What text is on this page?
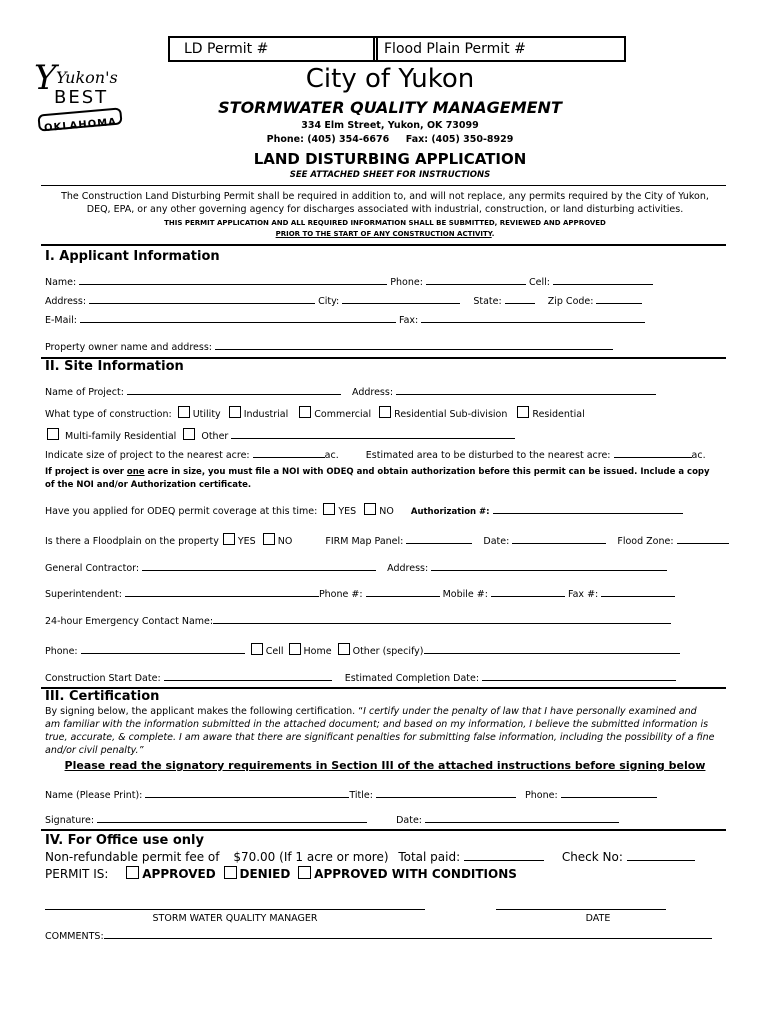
LD Permit #	Flood Plain Permit #
Y Yukon's
BEST
OKLAHOMA
City of Yukon
STORMWATER QUALITY MANAGEMENT
334 Elm Street, Yukon, OK 73099
Phone: (405) 354-6676     Fax: (405) 350-8929
LAND DISTURBING APPLICATION
SEE ATTACHED SHEET FOR INSTRUCTIONS
The Construction Land Disturbing Permit shall be required in addition to, and will not replace, any permits required by the City of Yukon,
DEQ, EPA, or any other governing agency for discharges associated with industrial, construction, or land disturbing activities.
THIS PERMIT APPLICATION AND ALL REQUIRED INFORMATION SHALL BE SUBMITTED, REVIEWED AND APPROVED
PRIOR TO THE START OF ANY CONSTRUCTION ACTIVITY.
I. Applicant Information
Name:	Phone:	Cell:
Address:	City:	State:	Zip Code:
E-Mail:	Fax:
Property owner name and address:
II. Site Information
Name of Project:	Address:
What type of construction: Utility Industrial	Commercial Residential Sub-division	Residential
Multi-family Residential	Other
Indicate size of project to the nearest acre:	ac.	Estimated area to be disturbed to the nearest acre:	ac.
If project is over one acre in size, you must file a NOI with ODEQ and obtain authorization before this permit can be issued. Include a copy
of the NOI and/or Authorization certificate.
Have you applied for ODEQ permit coverage at this time: YES NO Authorization #:
Is there a Floodplain on the property YES NO	FIRM Map Panel:	Date:	Flood Zone:
General Contractor:	Address:
Superintendent:	Phone #:	Mobile #:	Fax #:
24-hour Emergency Contact Name:
Phone:	Cell Home Other (specify)
Construction Start Date:	Estimated Completion Date:
III. Certification
By signing below, the applicant makes the following certification. “I certify under the penalty of law that I have personally examined and
am familiar with the information submitted in the attached document; and based on my information, I believe the submitted information is
true, accurate, & complete. I am aware that there are significant penalties for submitting false information, including the possibility of a fine
and/or civil penalty.”
Please read the signatory requirements in Section III of the attached instructions before signing below
Name (Please Print):	Title:	Phone:
Signature:	Date:
IV. For Office use only
Non-refundable permit fee of $70.00 (If 1 acre or more) Total paid:	Check No:
PERMIT IS:	APPROVED DENIED APPROVED WITH CONDITIONS
STORM WATER QUALITY MANAGER	DATE
COMMENTS:
